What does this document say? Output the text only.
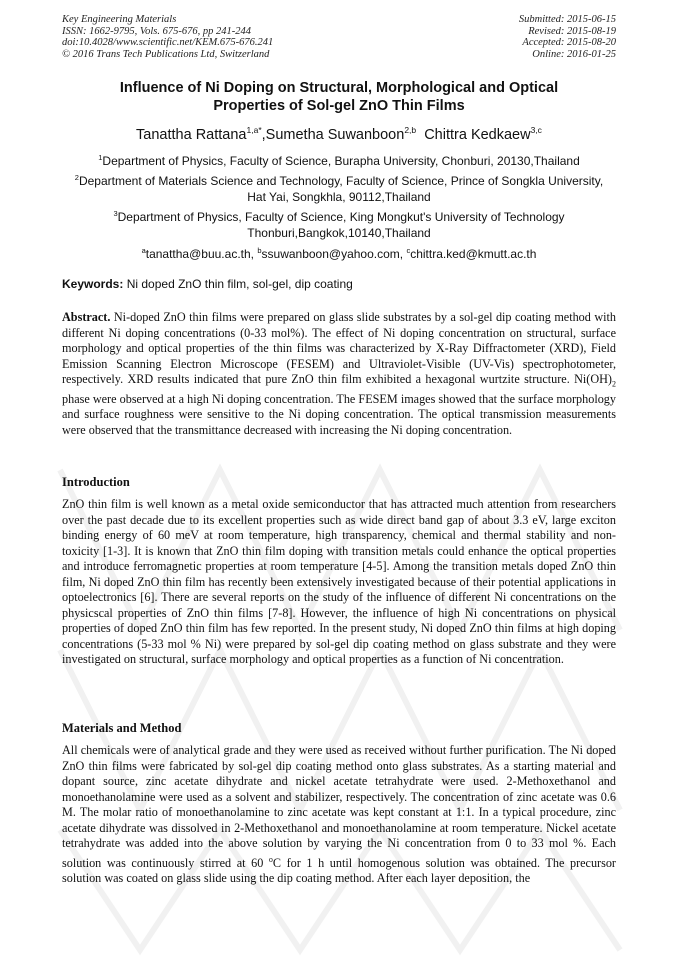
Key Engineering Materials
ISSN: 1662-9795, Vols. 675-676, pp 241-244
doi:10.4028/www.scientific.net/KEM.675-676.241
© 2016 Trans Tech Publications Ltd, Switzerland
Submitted: 2015-06-15
Revised: 2015-08-19
Accepted: 2015-08-20
Online: 2016-01-25
Influence of Ni Doping on Structural, Morphological and Optical
Properties of Sol-gel ZnO Thin Films
Tanattha Rattana$^{1,a*}$,Sumetha Suwanboon$^{2,b}$ Chittra Kedkaew$^{3,c}$
$^1$Department of Physics, Faculty of Science, Burapha University, Chonburi, 20130,Thailand
$^2$Department of Materials Science and Technology, Faculty of Science, Prince of Songkla University, Hat Yai, Songkhla, 90112,Thailand
$^3$Department of Physics, Faculty of Science, King Mongkut's University of Technology Thonburi,Bangkok,10140,Thailand
$^a$tanattha@buu.ac.th, $^b$ssuwanboon@yahoo.com, $^c$chittra.ked@kmutt.ac.th
Keywords: Ni doped ZnO thin film, sol-gel, dip coating
Abstract. Ni-doped ZnO thin films were prepared on glass slide substrates by a sol-gel dip coating method with different Ni doping concentrations (0-33 mol%). The effect of Ni doping concentration on structural, surface morphology and optical properties of the thin films was characterized by X-Ray Diffractometer (XRD), Field Emission Scanning Electron Microscope (FESEM) and Ultraviolet-Visible (UV-Vis) spectrophotometer, respectively. XRD results indicated that pure ZnO thin film exhibited a hexagonal wurtzite structure. $Ni(OH)_2$ phase were observed at a high Ni doping concentration. The FESEM images showed that the surface morphology and surface roughness were sensitive to the Ni doping concentration. The optical transmission measurements were observed that the transmittance decreased with increasing the Ni doping concentration.
Introduction
ZnO thin film is well known as a metal oxide semiconductor that has attracted much attention from researchers over the past decade due to its excellent properties such as wide direct band gap of about 3.3 eV, large exciton binding energy of 60 meV at room temperature, high transparency, chemical and thermal stability and non-toxicity [1-3]. It is known that ZnO thin film doping with transition metals could enhance the optical properties and introduce ferromagnetic properties at room temperature [4-5]. Among the transition metals doped ZnO thin film, Ni doped ZnO thin film has recently been extensively investigated because of their potential applications in optoelectronics [6]. There are several reports on the study of the influence of different Ni concentrations on the physicscal properties of ZnO thin films [7-8]. However, the influence of high Ni concentrations on physical properties of doped ZnO thin film has few reported. In the present study, Ni doped ZnO thin films at high doping concentrations (5-33 mol % Ni) were prepared by sol-gel dip coating method on glass substrate and they were investigated on structural, surface morphology and optical properties as a function of Ni concentration.
Materials and Method
All chemicals were of analytical grade and they were used as received without further purification. The Ni doped ZnO thin films were fabricated by sol-gel dip coating method onto glass substrates. As a starting material and dopant source, zinc acetate dihydrate and nickel acetate tetrahydrate were used. 2-Methoxethanol and monoethanolamine were used as a solvent and stabilizer, respectively. The concentration of zinc acetate was 0.6 M. The molar ratio of monoethanolamine to zinc acetate was kept constant at 1:1. In a typical procedure, zinc acetate dihydrate was dissolved in 2-Methoxethanol and monoethanolamine at room temperature. Nickel acetate tetrahydrate was added into the above solution by varying the Ni concentration from 0 to 33 mol %. Each solution was continuously stirred at 60 $^o$C for 1 h until homogenous solution was obtained. The precursor solution was coated on glass slide using the dip coating method. After each layer deposition, the
